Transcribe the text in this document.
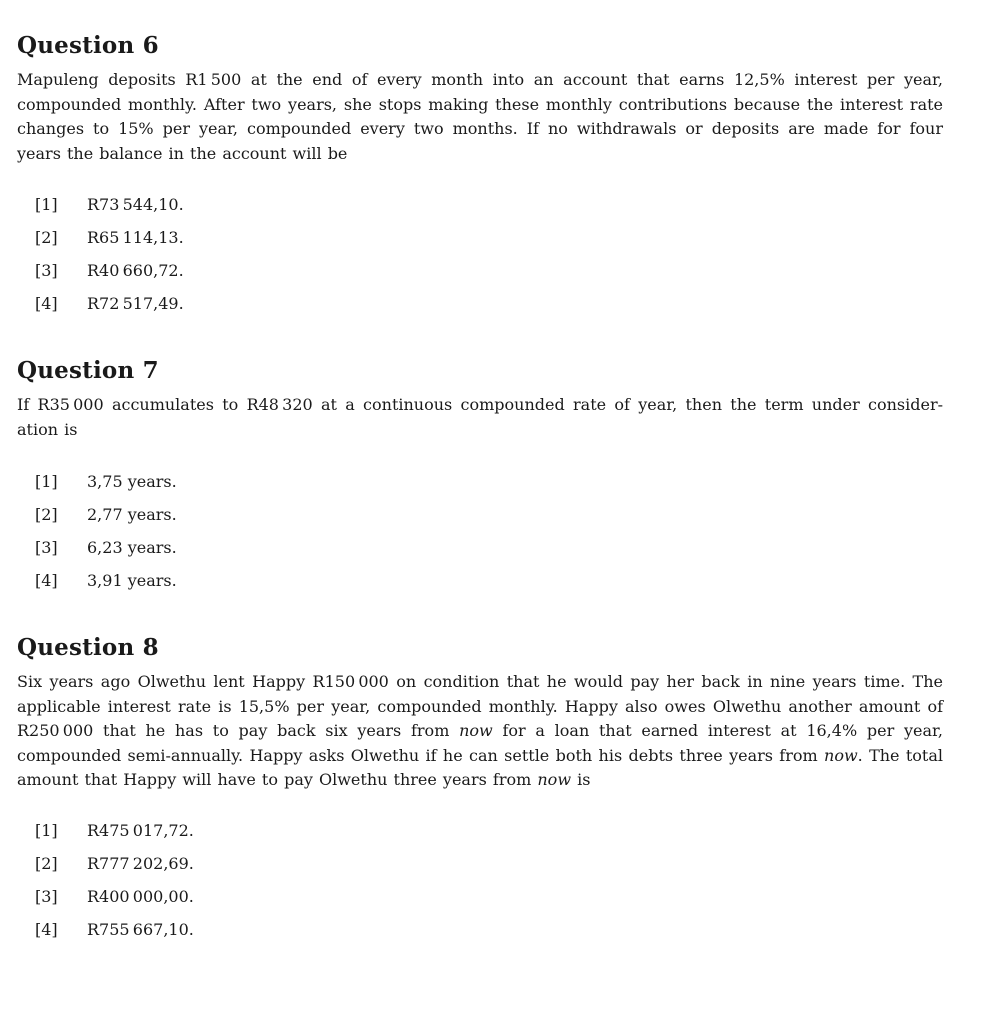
Question 6

Mapuleng deposits R1 500 at the end of every month into an account that earns 12,5% interest per year, compounded monthly. After two years, she stops making these monthly contributions because the interest rate changes to 15% per year, compounded every two months. If no withdrawals or deposits are made for four years the balance in the account will be

[1] R73 544,10.
[2] R65 114,13.
[3] R40 660,72.
[4] R72 517,49.
Question 7

If R35 000 accumulates to R48 320 at a continuous compounded rate of year, then the term under consider-ation is

[1] 3,75 years.
[2] 2,77 years.
[3] 6,23 years.
[4] 3,91 years.
Question 8

Six years ago Olwethu lent Happy R150 000 on condition that he would pay her back in nine years time. The applicable interest rate is 15,5% per year, compounded monthly. Happy also owes Olwethu another amount of R250 000 that he has to pay back six years from now for a loan that earned interest at 16,4% per year, compounded semi-annually. Happy asks Olwethu if he can settle both his debts three years from now. The total amount that Happy will have to pay Olwethu three years from now is

[1] R475 017,72.
[2] R777 202,69.
[3] R400 000,00.
[4] R755 667,10.
